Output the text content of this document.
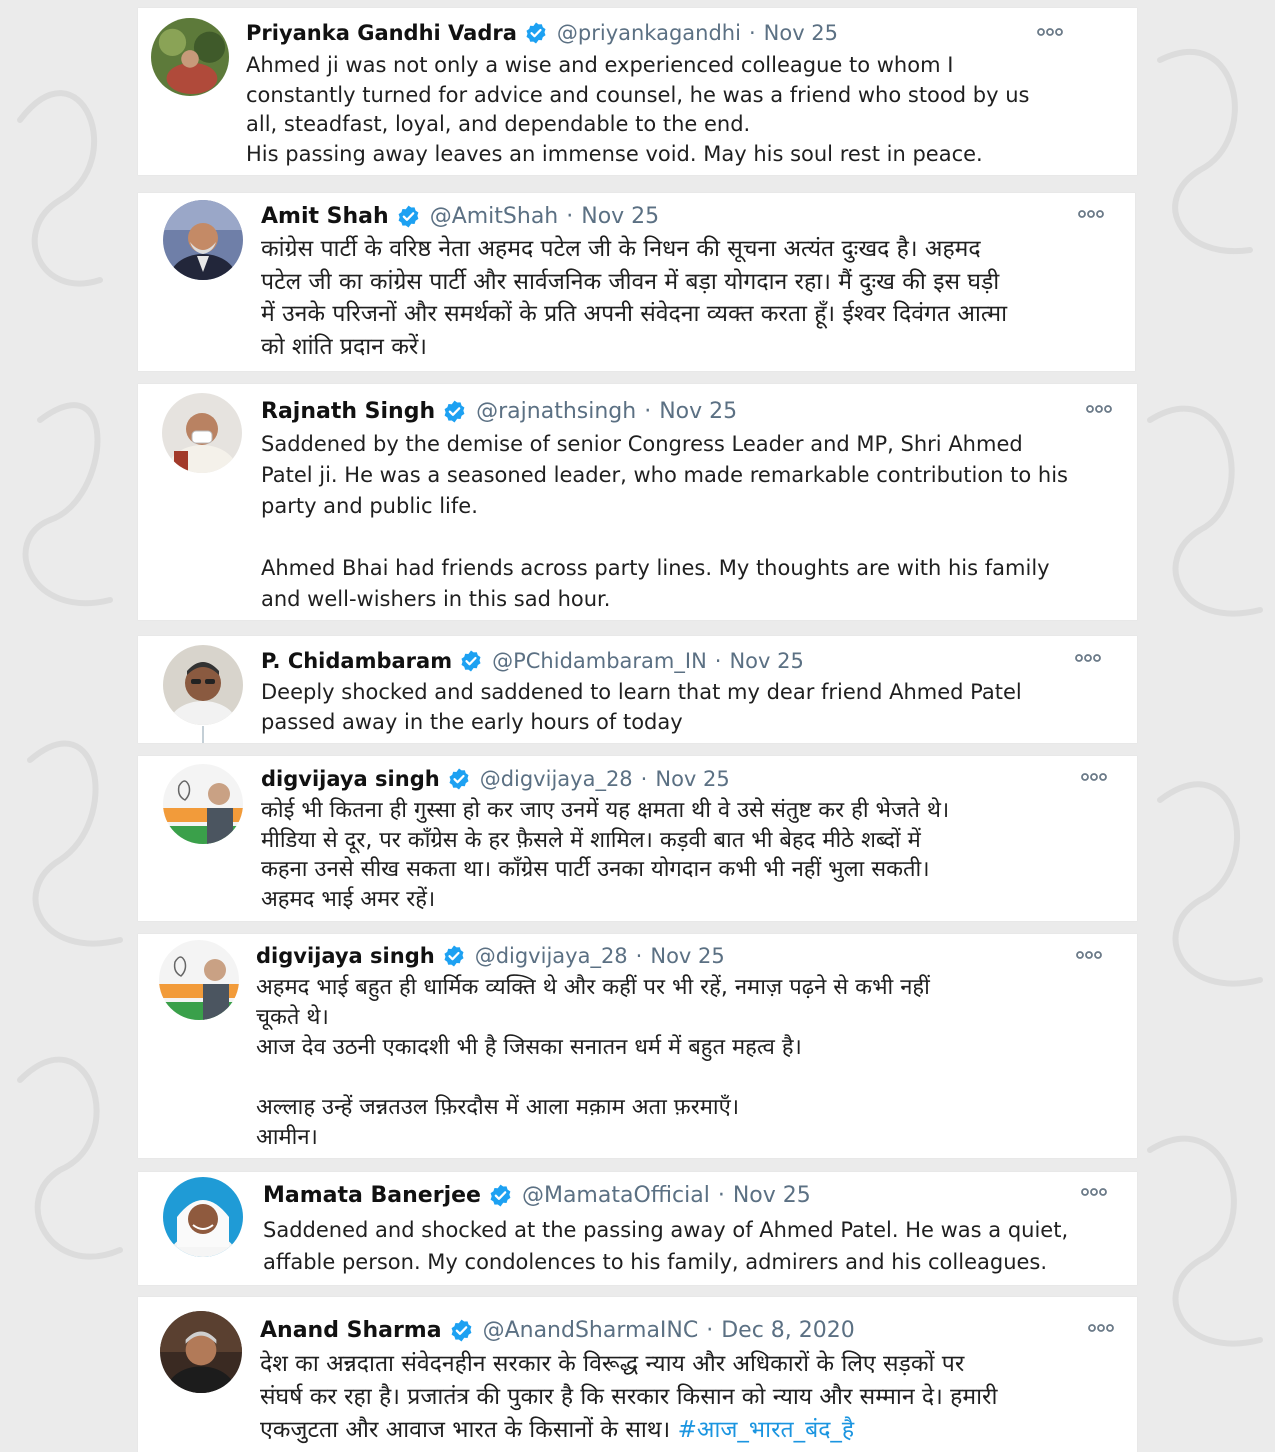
Priyanka Gandhi Vadra @priyankagandhi · Nov 25

Ahmed ji was not only a wise and experienced colleague to whom I
constantly turned for advice and counsel, he was a friend who stood by us
all, steadfast, loyal, and dependable to the end.
His passing away leaves an immense void. May his soul rest in peace.

Amit Shah @AmitShah · Nov 25

कांग्रेस पार्टी के वरिष्ठ नेता अहमद पटेल जी के निधन की सूचना अत्यंत दुःखद है। अहमद
पटेल जी का कांग्रेस पार्टी और सार्वजनिक जीवन में बड़ा योगदान रहा। मैं दुःख की इस घड़ी
में उनके परिजनों और समर्थकों के प्रति अपनी संवेदना व्यक्त करता हूँ। ईश्वर दिवंगत आत्मा
को शांति प्रदान करें।

Rajnath Singh @rajnathsingh · Nov 25

Saddened by the demise of senior Congress Leader and MP, Shri Ahmed
Patel ji. He was a seasoned leader, who made remarkable contribution to his
party and public life.

Ahmed Bhai had friends across party lines. My thoughts are with his family
and well-wishers in this sad hour.

P. Chidambaram @PChidambaram_IN · Nov 25

Deeply shocked and saddened to learn that my dear friend Ahmed Patel
passed away in the early hours of today

digvijaya singh @digvijaya_28 · Nov 25

कोई भी कितना ही गुस्सा हो कर जाए उनमें यह क्षमता थी वे उसे संतुष्ट कर ही भेजते थे।
मीडिया से दूर, पर काँग्रेस के हर फ़ैसले में शामिल। कड़वी बात भी बेहद मीठे शब्दों में
कहना उनसे सीख सकता था। काँग्रेस पार्टी उनका योगदान कभी भी नहीं भुला सकती।
अहमद भाई अमर रहें।

digvijaya singh @digvijaya_28 · Nov 25

अहमद भाई बहुत ही धार्मिक व्यक्ति थे और कहीं पर भी रहें, नमाज़ पढ़ने से कभी नहीं
चूकते थे।
आज देव उठनी एकादशी भी है जिसका सनातन धर्म में बहुत महत्व है।

अल्लाह उन्हें जन्नतउल फ़िरदौस में आला मक़ाम अता फ़रमाएँ।
आमीन।

Mamata Banerjee @MamataOfficial · Nov 25

Saddened and shocked at the passing away of Ahmed Patel. He was a quiet,
affable person. My condolences to his family, admirers and his colleagues.

Anand Sharma @AnandSharmaINC · Dec 8, 2020

देश का अन्नदाता संवेदनहीन सरकार के विरूद्ध न्याय और अधिकारों के लिए सड़कों पर
संघर्ष कर रहा है। प्रजातंत्र की पुकार है कि सरकार किसान को न्याय और सम्मान दे। हमारी
एकजुटता और आवाज भारत के किसानों के साथ। #आज_भारत_बंद_है
